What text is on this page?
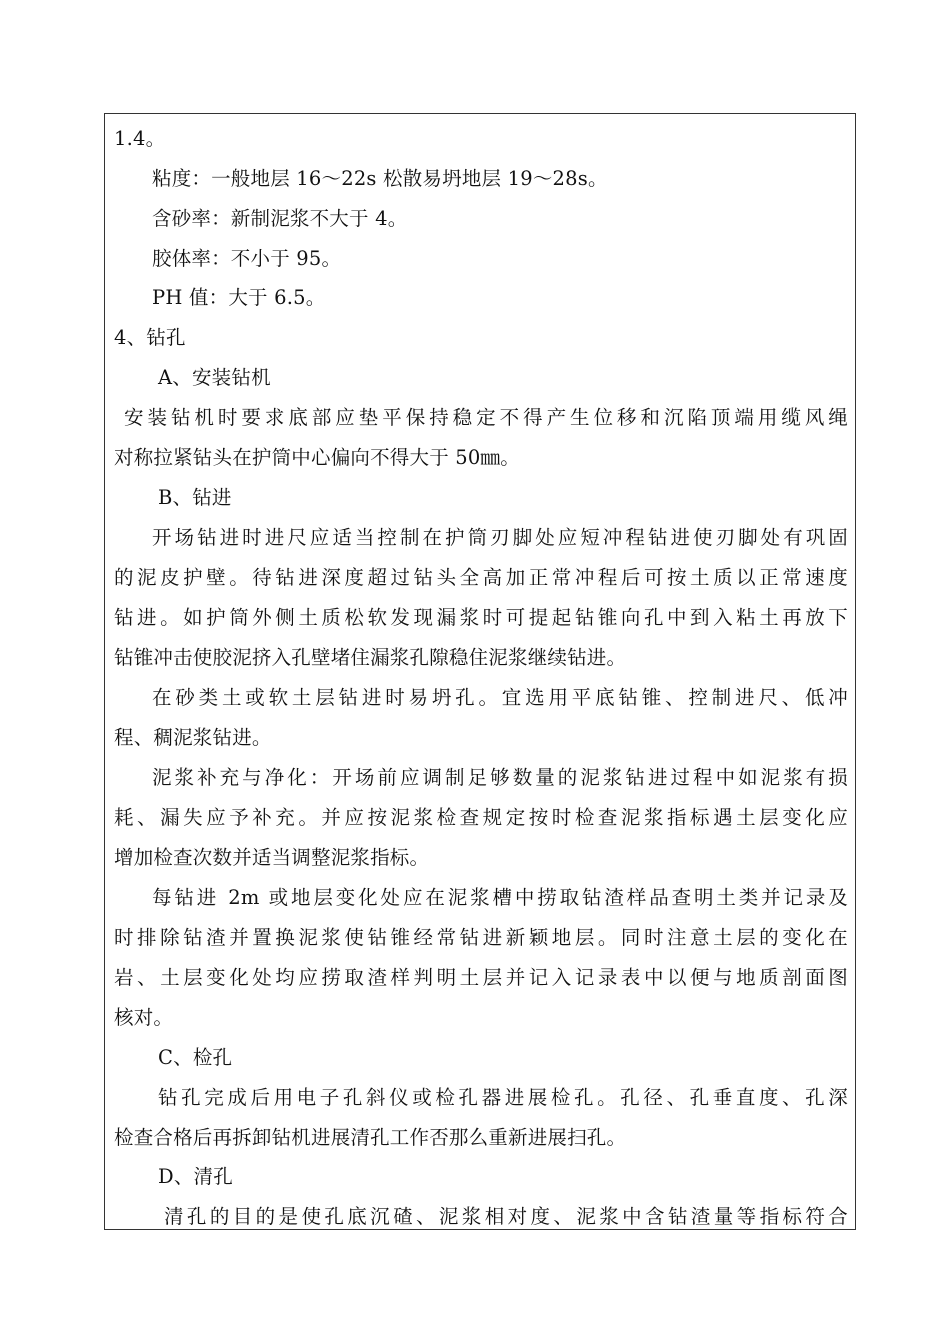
1.4。
粘度：一般地层 16～22s 松散易坍地层 19～28s。
含砂率：新制泥浆不大于 4。
胶体率：不小于 95。
PH 值：大于 6.5。
4、钻孔
A、安装钻机
安装钻机时要求底部应垫平保持稳定不得产生位移和沉陷顶端用缆风绳
对称拉紧钻头在护筒中心偏向不得大于 50㎜。
B、钻进
开场钻进时进尺应适当控制在护筒刃脚处应短冲程钻进使刃脚处有巩固
的泥皮护壁。待钻进深度超过钻头全高加正常冲程后可按土质以正常速度
钻进。如护筒外侧土质松软发现漏浆时可提起钻锥向孔中到入粘土再放下
钻锥冲击使胶泥挤入孔壁堵住漏浆孔隙稳住泥浆继续钻进。
在砂类土或软土层钻进时易坍孔。宜选用平底钻锥、控制进尺、低冲
程、稠泥浆钻进。
泥浆补充与净化：开场前应调制足够数量的泥浆钻进过程中如泥浆有损
耗、漏失应予补充。并应按泥浆检查规定按时检查泥浆指标遇土层变化应
增加检查次数并适当调整泥浆指标。
每钻进 2m 或地层变化处应在泥浆槽中捞取钻渣样品查明土类并记录及
时排除钻渣并置换泥浆使钻锥经常钻进新颖地层。同时注意土层的变化在
岩、土层变化处均应捞取渣样判明土层并记入记录表中以便与地质剖面图
核对。
C、检孔
钻孔完成后用电子孔斜仪或检孔器进展检孔。孔径、孔垂直度、孔深
检查合格后再拆卸钻机进展清孔工作否那么重新进展扫孔。
D、清孔
清孔的目的是使孔底沉碴、泥浆相对度、泥浆中含钻渣量等指标符合
